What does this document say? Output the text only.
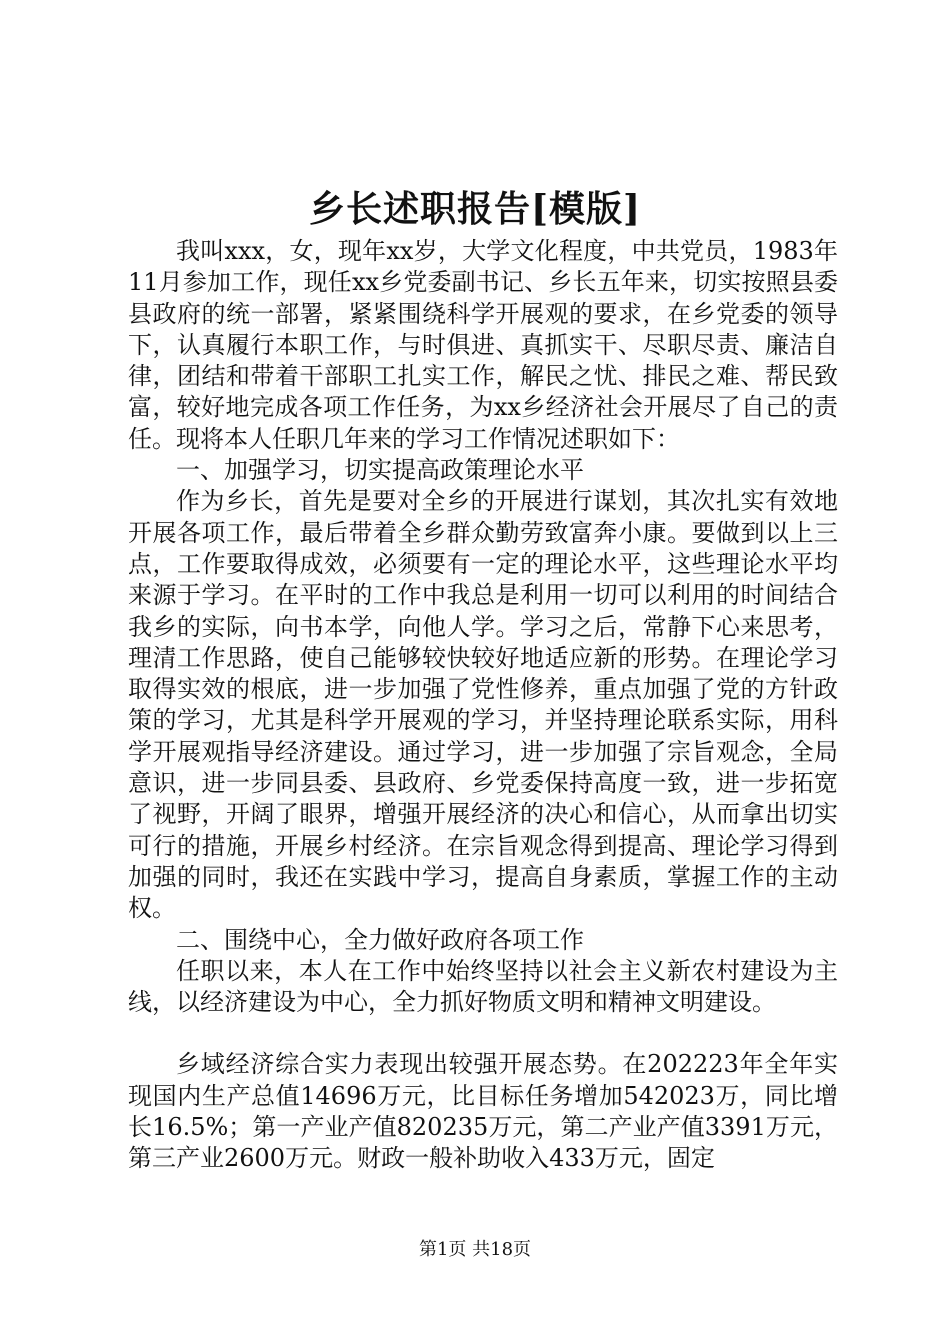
乡长述职报告[模版]

我叫xxx，女，现年xx岁，大学文化程度，中共党员，1983年11月参加工作，现任xx乡党委副书记、乡长五年来，切实按照县委县政府的统一部署，紧紧围绕科学开展观的要求，在乡党委的领导下，认真履行本职工作，与时俱进、真抓实干、尽职尽责、廉洁自律，团结和带着干部职工扎实工作，解民之忧、排民之难、帮民致富，较好地完成各项工作任务，为xx乡经济社会开展尽了自己的责任。现将本人任职几年来的学习工作情况述职如下：

一、加强学习，切实提高政策理论水平

作为乡长，首先是要对全乡的开展进行谋划，其次扎实有效地开展各项工作，最后带着全乡群众勤劳致富奔小康。要做到以上三点，工作要取得成效，必须要有一定的理论水平，这些理论水平均来源于学习。在平时的工作中我总是利用一切可以利用的时间结合我乡的实际，向书本学，向他人学。学习之后，常静下心来思考，理清工作思路，使自己能够较快较好地适应新的形势。在理论学习取得实效的根底，进一步加强了党性修养，重点加强了党的方针政策的学习，尤其是科学开展观的学习，并坚持理论联系实际，用科学开展观指导经济建设。通过学习，进一步加强了宗旨观念，全局意识，进一步同县委、县政府、乡党委保持高度一致，进一步拓宽了视野，开阔了眼界，增强开展经济的决心和信心，从而拿出切实可行的措施，开展乡村经济。在宗旨观念得到提高、理论学习得到加强的同时，我还在实践中学习，提高自身素质，掌握工作的主动权。

二、围绕中心，全力做好政府各项工作

任职以来，本人在工作中始终坚持以社会主义新农村建设为主线，以经济建设为中心，全力抓好物质文明和精神文明建设。

乡域经济综合实力表现出较强开展态势。在202223年全年实现国内生产总值14696万元，比目标任务增加542023万，同比增长16.5%；第一产业产值820235万元，第二产业产值3391万元，第三产业2600万元。财政一般补助收入433万元，固定

第1页 共18页
